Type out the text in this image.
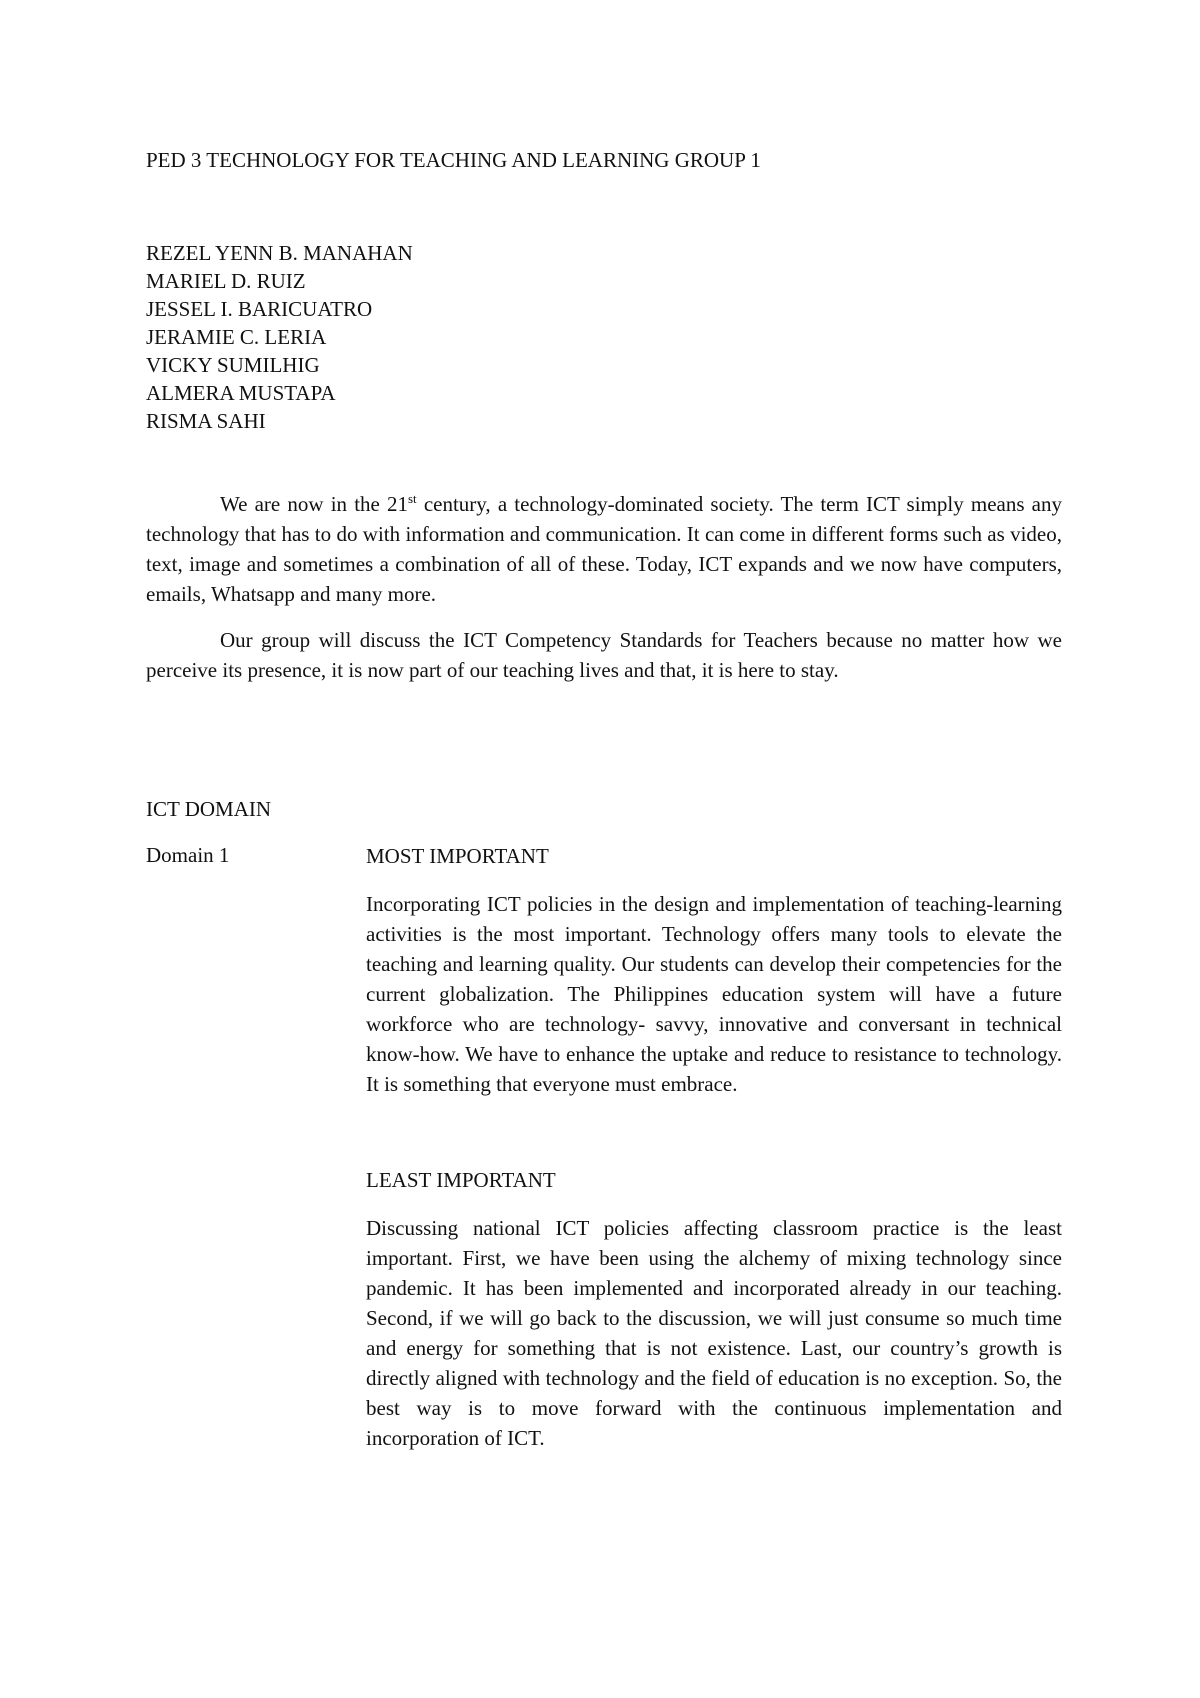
PED 3 TECHNOLOGY FOR TEACHING AND LEARNING GROUP 1
REZEL YENN B. MANAHAN
MARIEL D. RUIZ
JESSEL I. BARICUATRO
JERAMIE C. LERIA
VICKY SUMILHIG
ALMERA MUSTAPA
RISMA SAHI

We are now in the 21st century, a technology-dominated society. The term ICT simply means any technology that has to do with information and communication. It can come in different forms such as video, text, image and sometimes a combination of all of these. Today, ICT expands and we now have computers, emails, Whatsapp and many more.

Our group will discuss the ICT Competency Standards for Teachers because no matter how we perceive its presence, it is now part of our teaching lives and that, it is here to stay.

ICT DOMAIN
Domain 1	MOST IMPORTANT

Incorporating ICT policies in the design and implementation of teaching-learning activities is the most important. Technology offers many tools to elevate the teaching and learning quality. Our students can develop their competencies for the current globalization. The Philippines education system will have a future workforce who are technology- savvy, innovative and conversant in technical know-how. We have to enhance the uptake and reduce to resistance to technology. It is something that everyone must embrace.

LEAST IMPORTANT

Discussing national ICT policies affecting classroom practice is the least important. First, we have been using the alchemy of mixing technology since pandemic. It has been implemented and incorporated already in our teaching. Second, if we will go back to the discussion, we will just consume so much time and energy for something that is not existence. Last, our country’s growth is directly aligned with technology and the field of education is no exception. So, the best way is to move forward with the continuous implementation and incorporation of ICT.
